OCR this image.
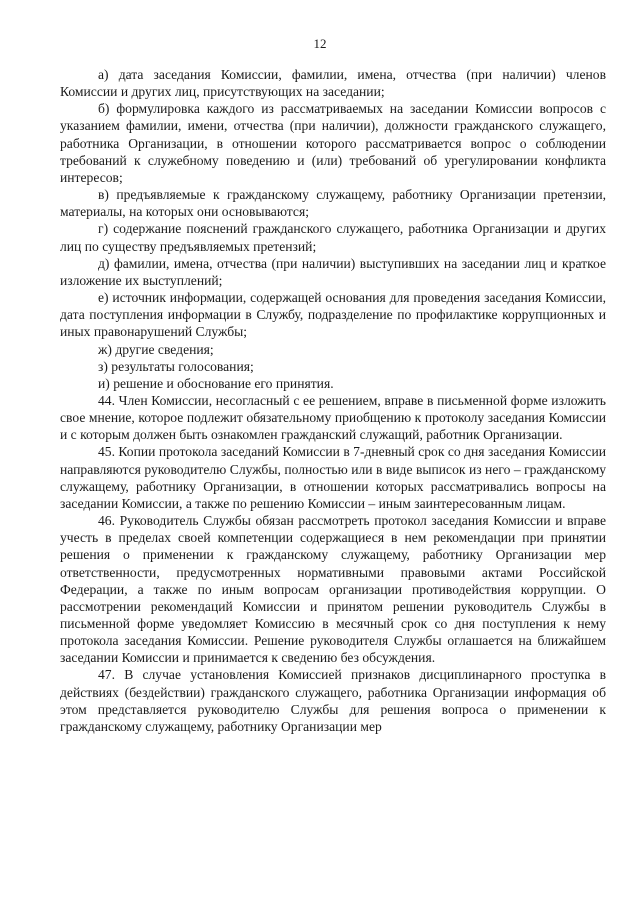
12

а) дата заседания Комиссии, фамилии, имена, отчества (при наличии) членов Комиссии и других лиц, присутствующих на заседании;

б) формулировка каждого из рассматриваемых на заседании Комиссии вопросов с указанием фамилии, имени, отчества (при наличии), должности гражданского служащего, работника Организации, в отношении которого рассматривается вопрос о соблюдении требований к служебному поведению и (или) требований об урегулировании конфликта интересов;

в) предъявляемые к гражданскому служащему, работнику Организации претензии, материалы, на которых они основываются;

г) содержание пояснений гражданского служащего, работника Организации и других лиц по существу предъявляемых претензий;

д) фамилии, имена, отчества (при наличии) выступивших на заседании лиц и краткое изложение их выступлений;

е) источник информации, содержащей основания для проведения заседания Комиссии, дата поступления информации в Службу, подразделение по профилактике коррупционных и иных правонарушений Службы;

ж) другие сведения;

з) результаты голосования;

и) решение и обоснование его принятия.

44. Член Комиссии, несогласный с ее решением, вправе в письменной форме изложить свое мнение, которое подлежит обязательному приобщению к протоколу заседания Комиссии и с которым должен быть ознакомлен гражданский служащий, работник Организации.

45. Копии протокола заседаний Комиссии в 7-дневный срок со дня заседания Комиссии направляются руководителю Службы, полностью или в виде выписок из него – гражданскому служащему, работнику Организации, в отношении которых рассматривались вопросы на заседании Комиссии, а также по решению Комиссии – иным заинтересованным лицам.

46. Руководитель Службы обязан рассмотреть протокол заседания Комиссии и вправе учесть в пределах своей компетенции содержащиеся в нем рекомендации при принятии решения о применении к гражданскому служащему, работнику Организации мер ответственности, предусмотренных нормативными правовыми актами Российской Федерации, а также по иным вопросам организации противодействия коррупции. О рассмотрении рекомендаций Комиссии и принятом решении руководитель Службы в письменной форме уведомляет Комиссию в месячный срок со дня поступления к нему протокола заседания Комиссии. Решение руководителя Службы оглашается на ближайшем заседании Комиссии и принимается к сведению без обсуждения.

47. В случае установления Комиссией признаков дисциплинарного проступка в действиях (бездействии) гражданского служащего, работника Организации информация об этом представляется руководителю Службы для решения вопроса о применении к гражданскому служащему, работнику Организации мер
